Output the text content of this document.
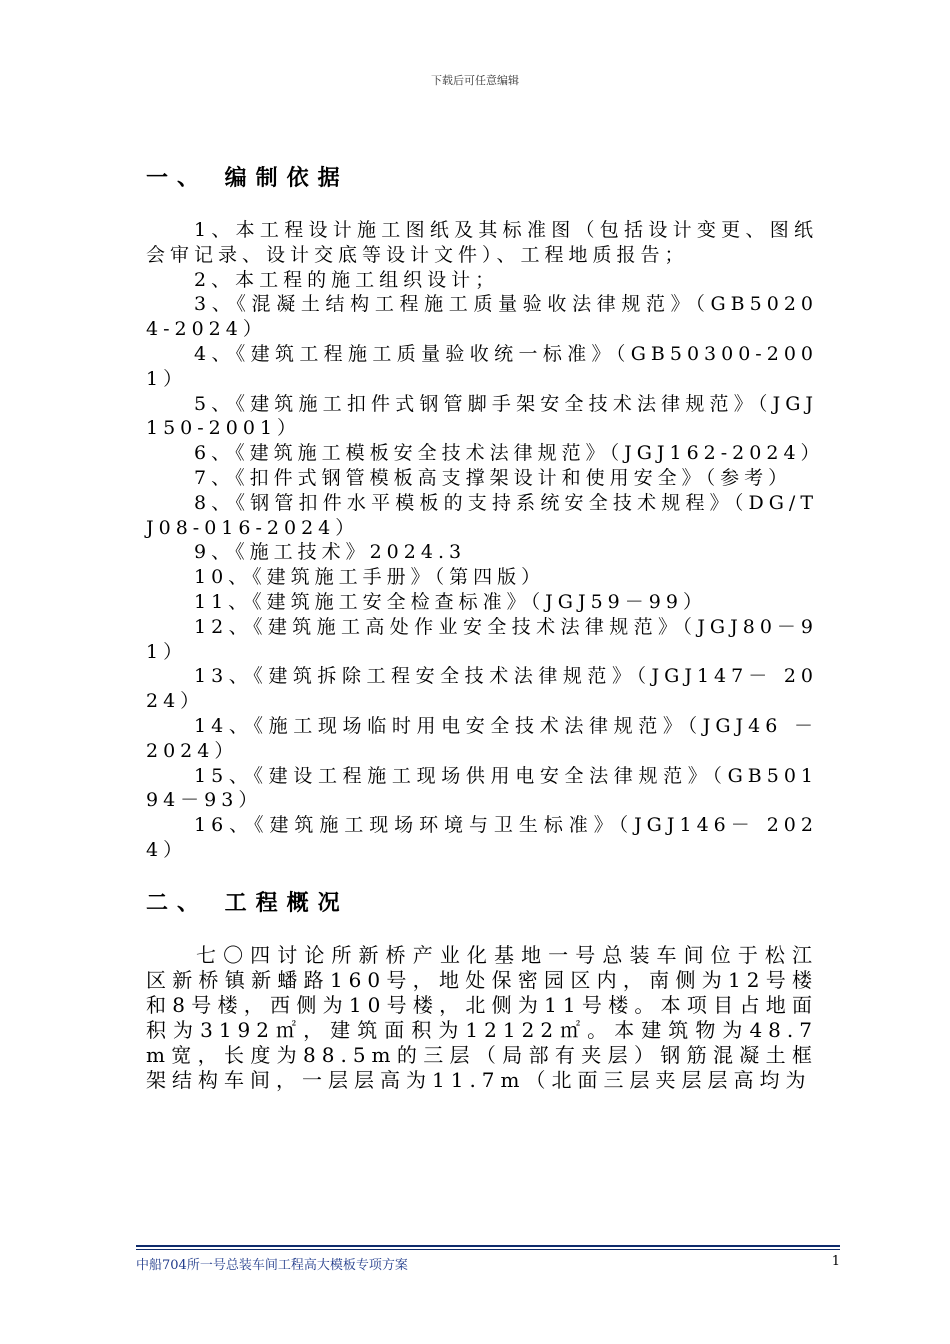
下载后可任意编辑
一、 编制依据

1、本工程设计施工图纸及其标准图（包括设计变更、图纸会审记录、设计交底等设计文件）、工程地质报告；

2、本工程的施工组织设计；

3、《混凝土结构工程施工质量验收法律规范》（GB50204-2024）

4、《建筑工程施工质量验收统一标准》（GB50300-2001）

5、《建筑施工扣件式钢管脚手架安全技术法律规范》（JGJ150-2001）

6、《建筑施工模板安全技术法律规范》（JGJ162-2024）

7、《扣件式钢管模板高支撑架设计和使用安全》（参考）

8、《钢管扣件水平模板的支持系统安全技术规程》（DG/TJ08-016-2024）

9、《施工技术》2024.3

10、《建筑施工手册》（第四版）

11、《建筑施工安全检查标准》（JGJ59－99）

12、《建筑施工高处作业安全技术法律规范》（JGJ80－91）

13、《建筑拆除工程安全技术法律规范》（JGJ147－ 2024）

14、《施工现场临时用电安全技术法律规范》（JGJ46 － 2024）

15、《建设工程施工现场供用电安全法律规范》（GB50194－93）

16、《建筑施工现场环境与卫生标准》（JGJ146－ 2024）

二、 工程概况

七〇四讨论所新桥产业化基地一号总装车间位于松江区新桥镇新蟠路160号，地处保密园区内，南侧为12号楼和8号楼，西侧为10号楼，北侧为11号楼。本项目占地面积为3192㎡，建筑面积为12122㎡。本建筑物为48.7m宽，长度为88.5m的三层（局部有夹层）钢筋混凝土框架结构车间，一层层高为11.7m（北面三层夹层层高均为

中船704所一号总装车间工程高大模板专项方案	1
